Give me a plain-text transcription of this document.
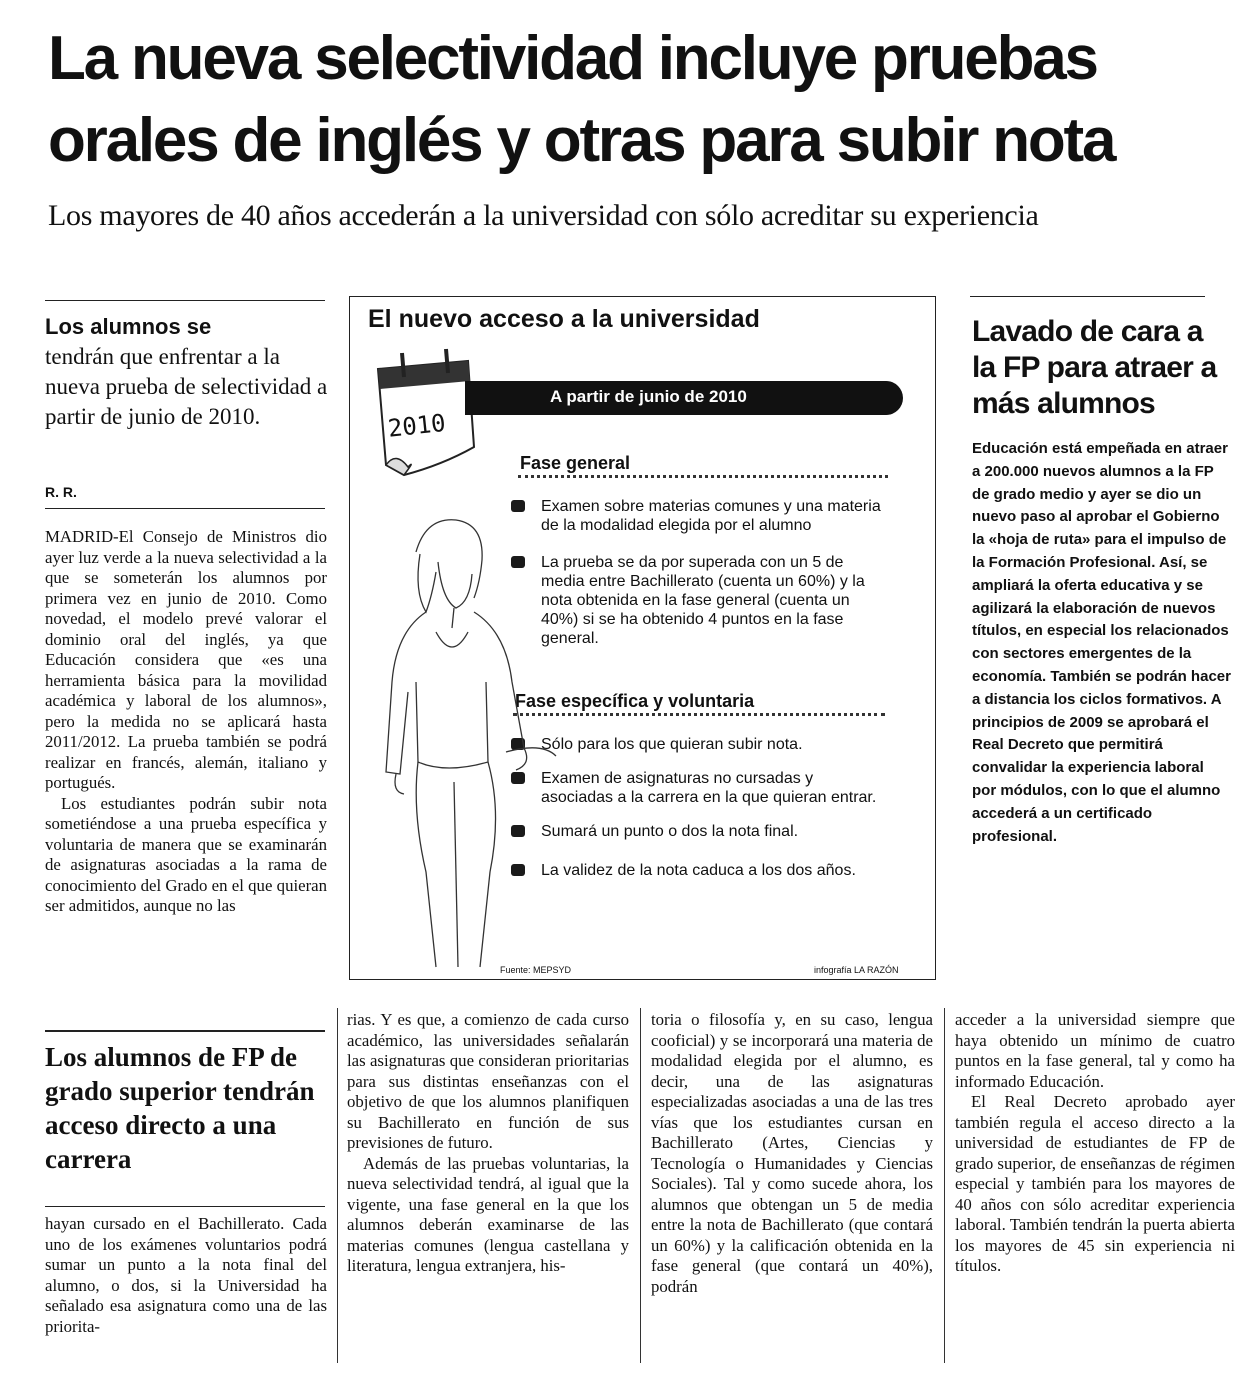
La nueva selectividad incluye pruebas
orales de inglés y otras para subir nota

Los mayores de 40 años accederán a la universidad con sólo acreditar su experiencia

Los alumnos se
tendrán que enfrentar a la nueva prueba de selectividad a partir de junio de 2010.

R. R.

MADRID-El Consejo de Ministros dio ayer luz verde a la nueva selectividad a la que se someterán los alumnos por primera vez en junio de 2010. Como novedad, el modelo prevé valorar el dominio oral del inglés, ya que Educación considera que «es una herramienta básica para la movilidad académica y laboral de los alumnos», pero la medida no se aplicará hasta 2011/2012. La prueba también se podrá realizar en francés, alemán, italiano y portugués.

Los estudiantes podrán subir nota sometiéndose a una prueba específica y voluntaria de manera que se examinarán de asignaturas asociadas a la rama de conocimiento del Grado en el que quieran ser admitidos, aunque no las

Los alumnos de FP de grado superior tendrán acceso directo a una carrera

hayan cursado en el Bachillerato. Cada uno de los exámenes voluntarios podrá sumar un punto a la nota final del alumno, o dos, si la Universidad ha señalado esa asignatura como una de las priorita-

El nuevo acceso a la universidad
2010
A partir de junio de 2010
Fase general
Examen sobre materias comunes y una materia de la modalidad elegida por el alumno
La prueba se da por superada con un 5 de media entre Bachillerato (cuenta un 60%) y la nota obtenida en la fase general (cuenta un 40%) si se ha obtenido 4 puntos en la fase general.
Fase específica y voluntaria
Sólo para los que quieran subir nota.
Examen de asignaturas no cursadas y asociadas a la carrera en la que quieran entrar.
Sumará un punto o dos la nota final.
La validez de la nota caduca a los dos años.
Fuente: MEPSYD	infografía LA RAZÓN
Lavado de cara a la FP para atraer a más alumnos

Educación está empeñada en atraer a 200.000 nuevos alumnos a la FP de grado medio y ayer se dio un nuevo paso al aprobar el Gobierno la «hoja de ruta» para el impulso de la Formación Profesional. Así, se ampliará la oferta educativa y se agilizará la elaboración de nuevos títulos, en especial los relacionados con sectores emergentes de la economía. También se podrán hacer a distancia los ciclos formativos. A principios de 2009 se aprobará el Real Decreto que permitirá convalidar la experiencia laboral por módulos, con lo que el alumno accederá a un certificado profesional.

rias. Y es que, a comienzo de cada curso académico, las universidades señalarán las asignaturas que consideran prioritarias para sus distintas enseñanzas con el objetivo de que los alumnos planifiquen su Bachillerato en función de sus previsiones de futuro.

Además de las pruebas voluntarias, la nueva selectividad tendrá, al igual que la vigente, una fase general en la que los alumnos deberán examinarse de las materias comunes (lengua castellana y literatura, lengua extranjera, his-

toria o filosofía y, en su caso, lengua cooficial) y se incorporará una materia de modalidad elegida por el alumno, es decir, una de las asignaturas especializadas asociadas a una de las tres vías que los estudiantes cursan en Bachillerato (Artes, Ciencias y Tecnología o Humanidades y Ciencias Sociales). Tal y como sucede ahora, los alumnos que obtengan un 5 de media entre la nota de Bachillerato (que contará un 60%) y la calificación obtenida en la fase general (que contará un 40%), podrán

acceder a la universidad siempre que haya obtenido un mínimo de cuatro puntos en la fase general, tal y como ha informado Educación.

El Real Decreto aprobado ayer también regula el acceso directo a la universidad de estudiantes de FP de grado superior, de enseñanzas de régimen especial y también para los mayores de 40 años con sólo acreditar experiencia laboral. También tendrán la puerta abierta los mayores de 45 sin experiencia ni títulos.
